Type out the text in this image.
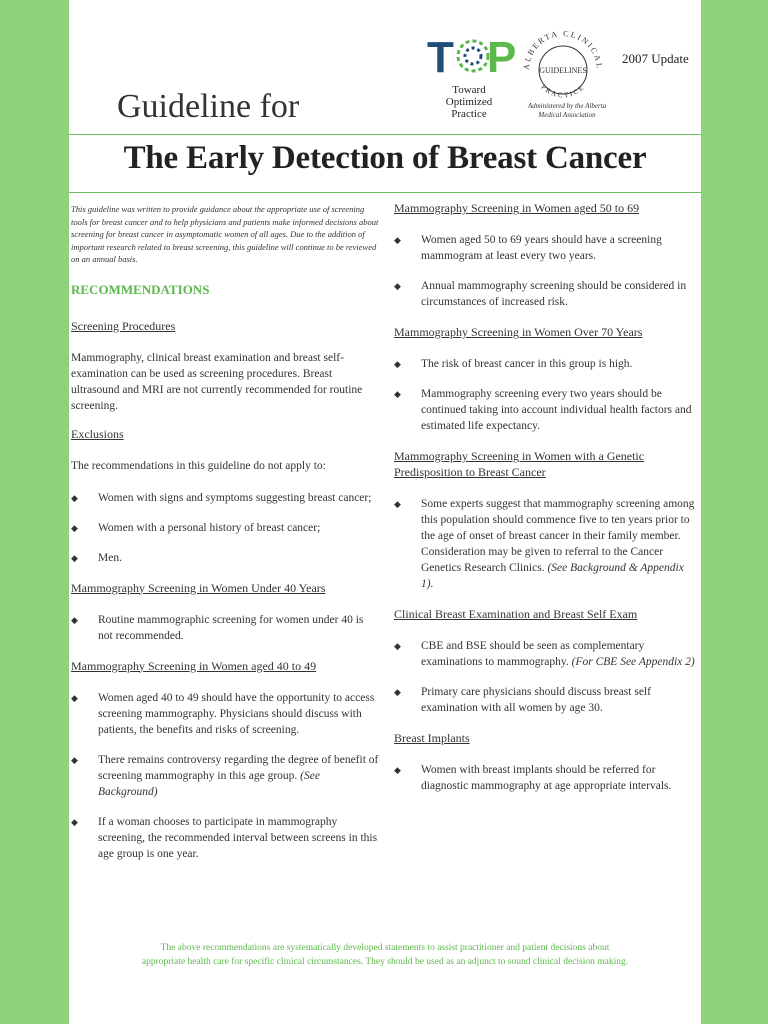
T P
Toward
Optimized
Practice
ALBERTA CLINICAL
GUIDELINES
PRACTICE
Administered by the Alberta
Medical Association
2007 Update
Guideline for
The Early Detection of Breast Cancer
This guideline was written to provide guidance about the appropriate use of screening tools for breast cancer and to help physicians and patients make informed decisions about screening for breast cancer in asymptomatic women of all ages. Due to the addition of important research related to breast screening, this guideline will continue to be reviewed on an annual basis.
RECOMMENDATIONS
Screening Procedures
Mammography, clinical breast examination and breast self-examination can be used as screening procedures. Breast ultrasound and MRI are not currently recommended for routine screening.
Exclusions
The recommendations in this guideline do not apply to:
◆	Women with signs and symptoms suggesting breast cancer;
◆	Women with a personal history of breast cancer;
◆	Men.
Mammography Screening in Women Under 40 Years
◆	Routine mammographic screening for women under 40 is not recommended.
Mammography Screening in Women aged 40 to 49
◆	Women aged 40 to 49 should have the opportunity to access screening mammography. Physicians should discuss with patients, the benefits and risks of screening.
◆	There remains controversy regarding the degree of benefit of screening mammography in this age group. (See Background)
◆	If a woman chooses to participate in mammography screening, the recommended interval between screens in this age group is one year.
Mammography Screening in Women aged 50 to 69
◆	Women aged 50 to 69 years should have a screening mammogram at least every two years.
◆	Annual mammography screening should be considered in circumstances of increased risk.
Mammography Screening in Women Over 70 Years
◆	The risk of breast cancer in this group is high.
◆	Mammography screening every two years should be continued taking into account individual health factors and estimated life expectancy.
Mammography Screening in Women with a Genetic Predisposition to Breast Cancer
◆	Some experts suggest that mammography screening among this population should commence five to ten years prior to the age of onset of breast cancer in their family member. Consideration may be given to referral to the Cancer Genetics Research Clinics. (See Background & Appendix 1).
Clinical Breast Examination and Breast Self Exam
◆	CBE and BSE should be seen as complementary examinations to mammography. (For CBE See Appendix 2)
◆	Primary care physicians should discuss breast self examination with all women by age 30.
Breast Implants
◆	Women with breast implants should be referred for diagnostic mammography at age appropriate intervals.
The above recommendations are systematically developed statements to assist practitioner and patient decisions about appropriate health care for specific clinical circumstances. They should be used as an adjunct to sound clinical decision making.
